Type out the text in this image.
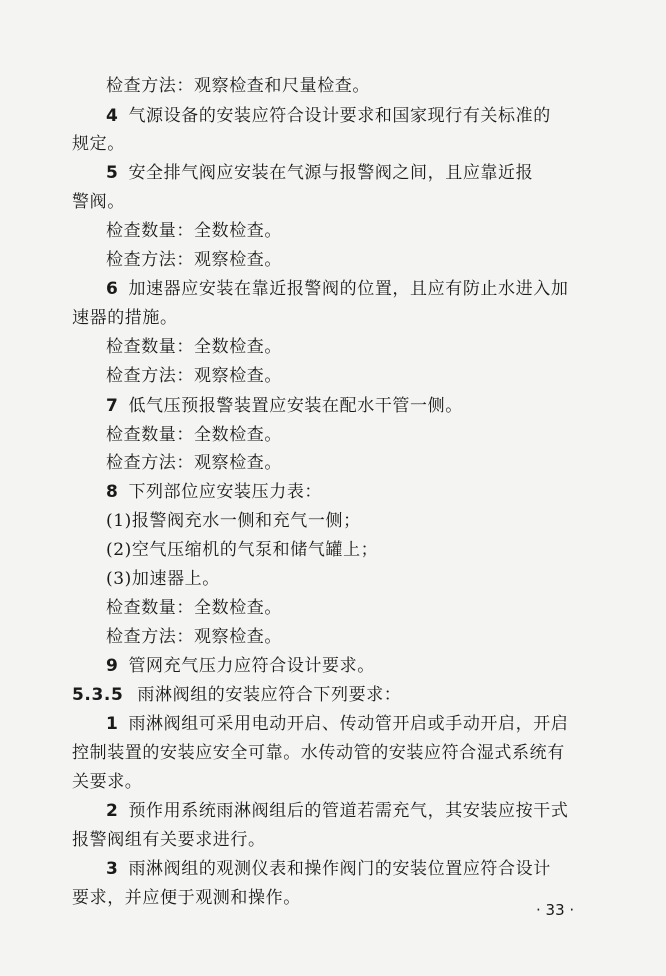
检查方法：观察检查和尺量检查。
4 气源设备的安装应符合设计要求和国家现行有关标准的
规定。
5 安全排气阀应安装在气源与报警阀之间，且应靠近报
警阀。
检查数量：全数检查。
检查方法：观察检查。
6 加速器应安装在靠近报警阀的位置，且应有防止水进入加
速器的措施。
检查数量：全数检查。
检查方法：观察检查。
7 低气压预报警装置应安装在配水干管一侧。
检查数量：全数检查。
检查方法：观察检查。
8 下列部位应安装压力表：
(1)报警阀充水一侧和充气一侧；
(2)空气压缩机的气泵和储气罐上；
(3)加速器上。
检查数量：全数检查。
检查方法：观察检查。
9 管网充气压力应符合设计要求。
5.3.5 雨淋阀组的安装应符合下列要求：
1 雨淋阀组可采用电动开启、传动管开启或手动开启，开启
控制装置的安装应安全可靠。水传动管的安装应符合湿式系统有
关要求。
2 预作用系统雨淋阀组后的管道若需充气，其安装应按干式
报警阀组有关要求进行。
3 雨淋阀组的观测仪表和操作阀门的安装位置应符合设计
要求，并应便于观测和操作。
· 33 ·
